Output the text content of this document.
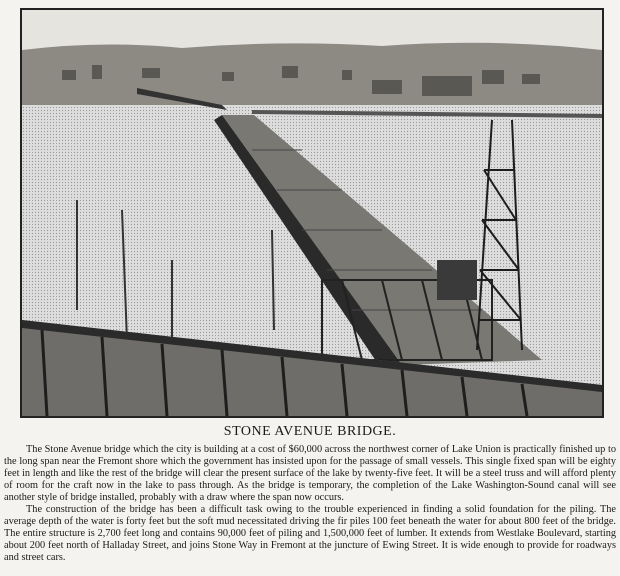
STONE AVENUE BRIDGE.

The Stone Avenue bridge which the city is building at a cost of $60,000 across the northwest corner of Lake Union is practically finished up to the long span near the Fremont shore which the government has insisted upon for the passage of small vessels. This single fixed span will be eighty feet in length and like the rest of the bridge will clear the present surface of the lake by twenty-five feet. It will be a steel truss and will afford plenty of room for the craft now in the lake to pass through. As the bridge is temporary, the completion of the Lake Washington-Sound canal will see another style of bridge installed, probably with a draw where the span now occurs.

The construction of the bridge has been a difficult task owing to the trouble experienced in finding a solid foundation for the piling. The average depth of the water is forty feet but the soft mud necessitated driving the fir piles 100 feet beneath the water for about 800 feet of the bridge. The entire structure is 2,700 feet long and contains 90,000 feet of piling and 1,500,000 feet of lumber. It extends from Westlake Boulevard, starting about 200 feet north of Halladay Street, and joins Stone Way in Fremont at the juncture of Ewing Street. It is wide enough to provide for roadways and street cars.
